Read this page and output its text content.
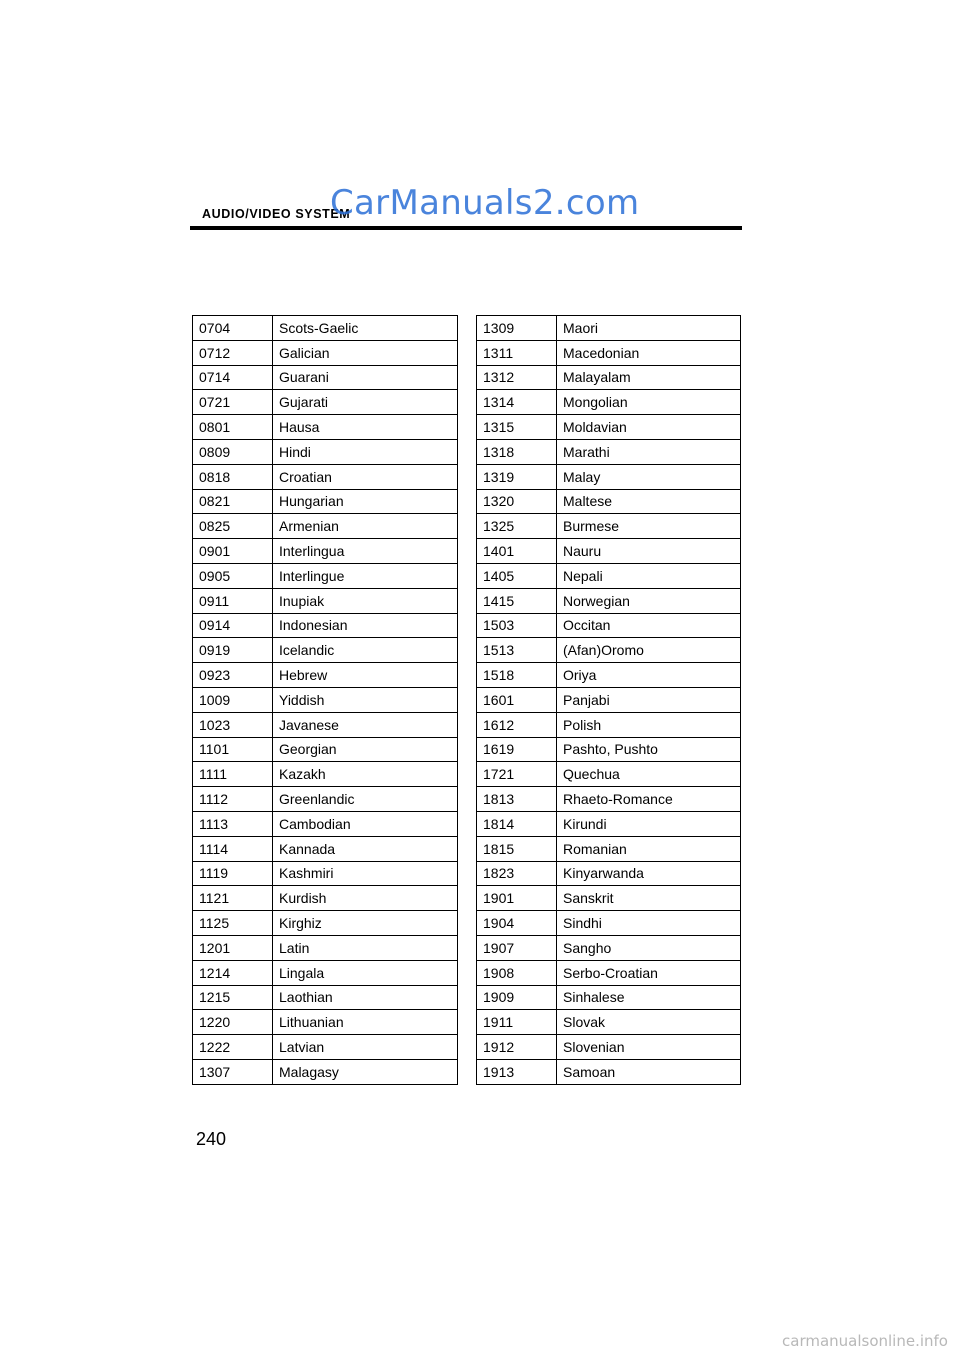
AUDIO/VIDEO SYSTEM
CarManuals2.com
0704	Scots-Gaelic
0712	Galician
0714	Guarani
0721	Gujarati
0801	Hausa
0809	Hindi
0818	Croatian
0821	Hungarian
0825	Armenian
0901	Interlingua
0905	Interlingue
0911	Inupiak
0914	Indonesian
0919	Icelandic
0923	Hebrew
1009	Yiddish
1023	Javanese
1101	Georgian
1111	Kazakh
1112	Greenlandic
1113	Cambodian
1114	Kannada
1119	Kashmiri
1121	Kurdish
1125	Kirghiz
1201	Latin
1214	Lingala
1215	Laothian
1220	Lithuanian
1222	Latvian
1307	Malagasy
1309	Maori
1311	Macedonian
1312	Malayalam
1314	Mongolian
1315	Moldavian
1318	Marathi
1319	Malay
1320	Maltese
1325	Burmese
1401	Nauru
1405	Nepali
1415	Norwegian
1503	Occitan
1513	(Afan)Oromo
1518	Oriya
1601	Panjabi
1612	Polish
1619	Pashto, Pushto
1721	Quechua
1813	Rhaeto-Romance
1814	Kirundi
1815	Romanian
1823	Kinyarwanda
1901	Sanskrit
1904	Sindhi
1907	Sangho
1908	Serbo-Croatian
1909	Sinhalese
1911	Slovak
1912	Slovenian
1913	Samoan
240
carmanualsonline.info
